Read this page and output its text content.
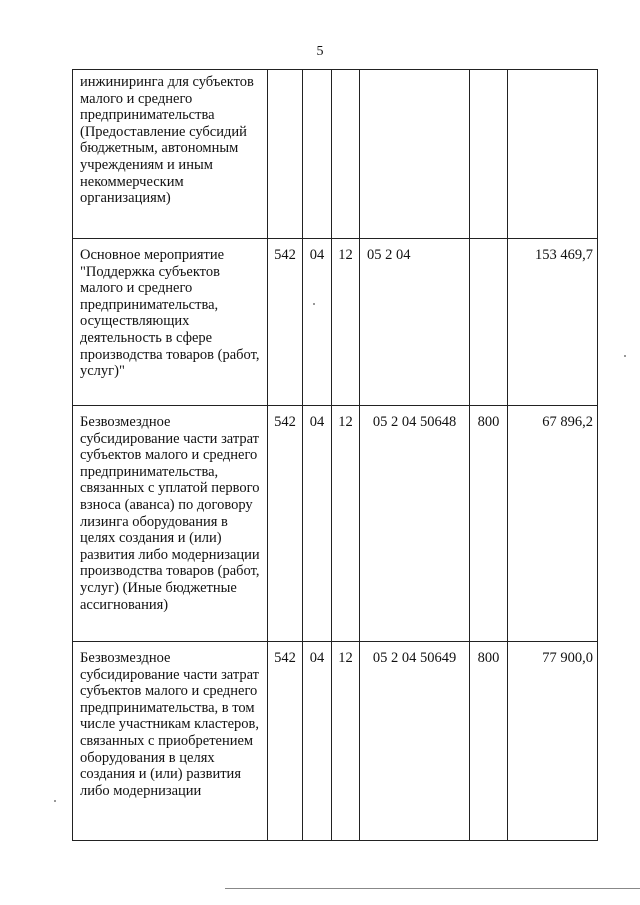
5
инжиниринга для субъектов малого и среднего предпринимательства (Предоставление субсидий бюджетным, автономным учреждениям и иным некоммерческим организациям)						
Основное мероприятие "Поддержка субъектов малого и среднего предпринимательства, осуществляющих деятельность в сфере производства товаров (работ, услуг)"	542	04	12	05 2 04		153 469,7
Безвозмездное субсидирование части затрат субъектов малого и среднего предпринимательства, связанных с уплатой первого взноса (аванса) по договору лизинга оборудования в целях создания и (или) развития либо модернизации производства товаров (работ, услуг) (Иные бюджетные ассигнования)	542	04	12	05 2 04 50648	800	67 896,2
Безвозмездное субсидирование части затрат субъектов малого и среднего предпринимательства, в том числе участникам кластеров, связанных с приобретением оборудования в целях создания и (или) развития либо модернизации	542	04	12	05 2 04 50649	800	77 900,0
